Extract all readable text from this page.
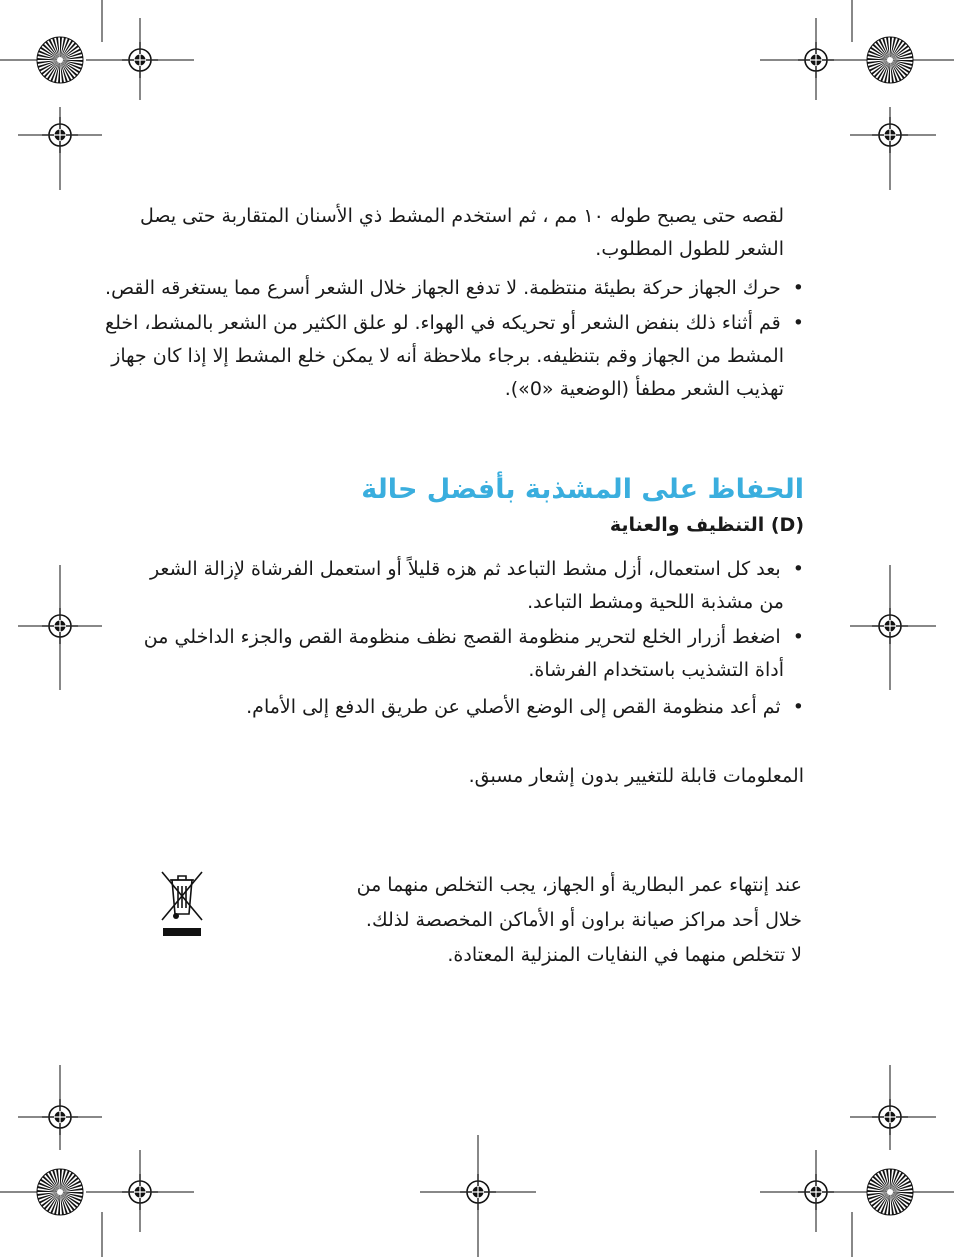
لقصه حتى يصبح طوله ١٠ مم ، ثم استخدم المشط ذي الأسنان المتقاربة حتى يصل
الشعر للطول المطلوب.
•  حرك الجهاز حركة بطيئة منتظمة. لا تدفع الجهاز خلال الشعر أسرع مما يستغرقه القص.
•  قم أثناء ذلك بنفض الشعر أو تحريكه في الهواء. لو علق الكثير من الشعر بالمشط، اخلع
المشط من الجهاز وقم بتنظيفه. برجاء ملاحظة أنه لا يمكن خلع المشط إلا إذا كان جهاز
تهذيب الشعر مطفأ (الوضعية «0»).
الحفاظ على المشذبة بأفضل حالة
(D) التنظيف والعناية
•  بعد كل استعمال، أزل مشط التباعد ثم هزه قليلاً أو استعمل الفرشاة لإزالة الشعر
من مشذبة اللحية ومشط التباعد.
•  اضغط أزرار الخلع لتحرير منظومة القصج نظف منظومة القص والجزء الداخلي من
أداة التشذيب باستخدام الفرشاة.
•  ثم أعد منظومة القص إلى الوضع الأصلي عن طريق الدفع إلى الأمام.
المعلومات قابلة للتغيير بدون إشعار مسبق.
عند إنتهاء عمر البطارية أو الجهاز، يجب التخلص منهما من
خلال أحد مراكز صيانة براون أو الأماكن المخصصة لذلك.
لا تتخلص منهما في النفايات المنزلية المعتادة.
